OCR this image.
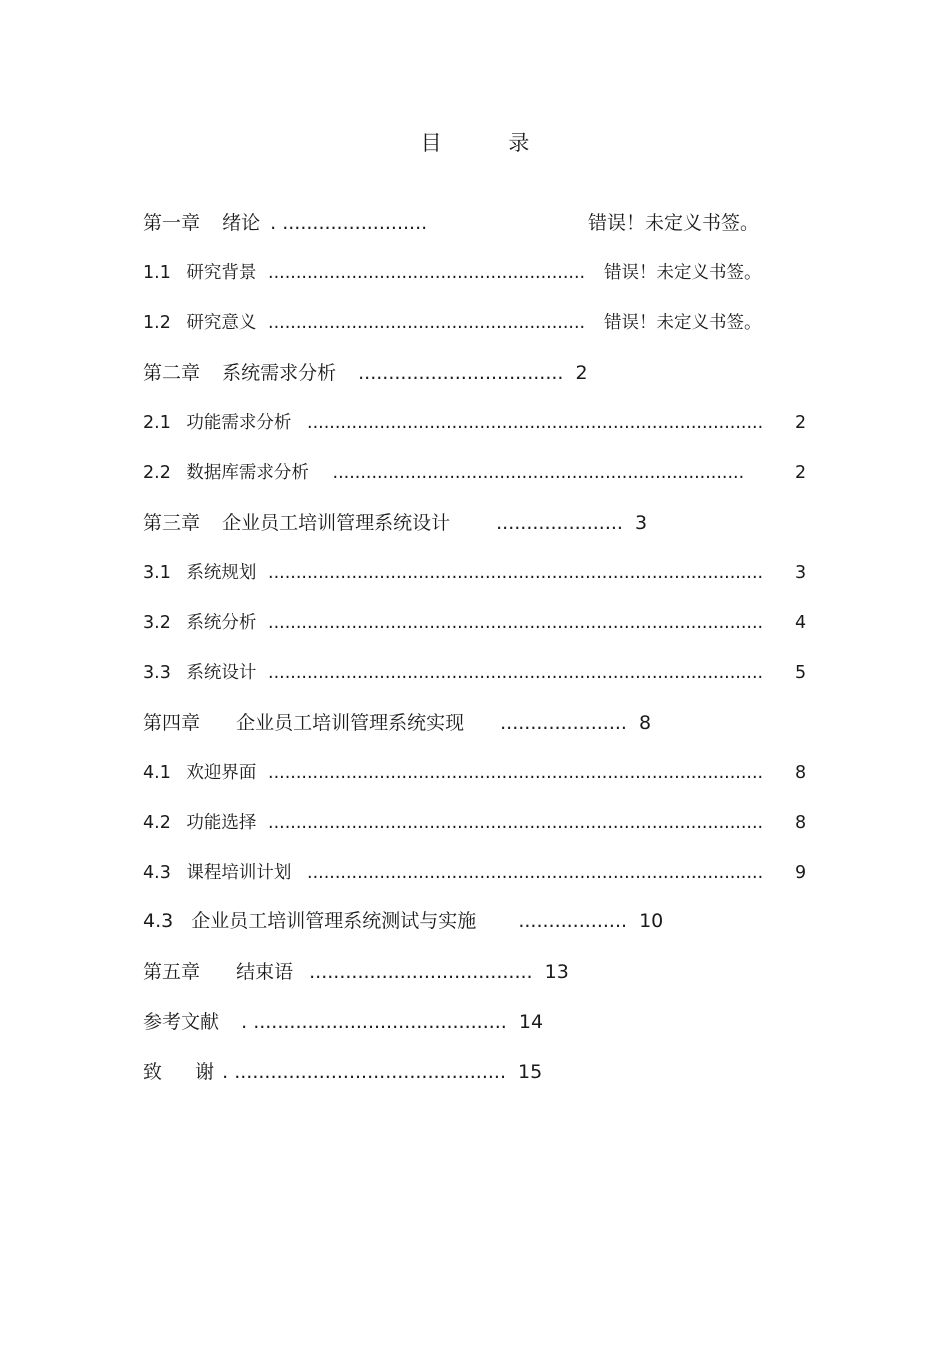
目 录
第一章 绪论 . ........................	错误！未定义书签。
1.1 研究背景 ......................................................... 错误！未定义书签。
1.2 研究意义 ......................................................... 错误！未定义书签。
第二章 系统需求分析 .................................. 2
2.1 功能需求分析 .................................................................................. 2
2.2 数据库需求分析 ..........................................................................	2
第三章 企业员工培训管理系统设计 ..................... 3
3.1 系统规划 ......................................................................................... 3
3.2 系统分析 ......................................................................................... 4
3.3 系统设计 ......................................................................................... 5
第四章 企业员工培训管理系统实现 ..................... 8
4.1 欢迎界面 ......................................................................................... 8
4.2 功能选择 ......................................................................................... 8
4.3 课程培训计划 .................................................................................. 9
4.3 企业员工培训管理系统测试与实施 .................. 10
第五章 结束语 ..................................... 13
参考文献 . .......................................... 14
致 谢 . ............................................. 15
